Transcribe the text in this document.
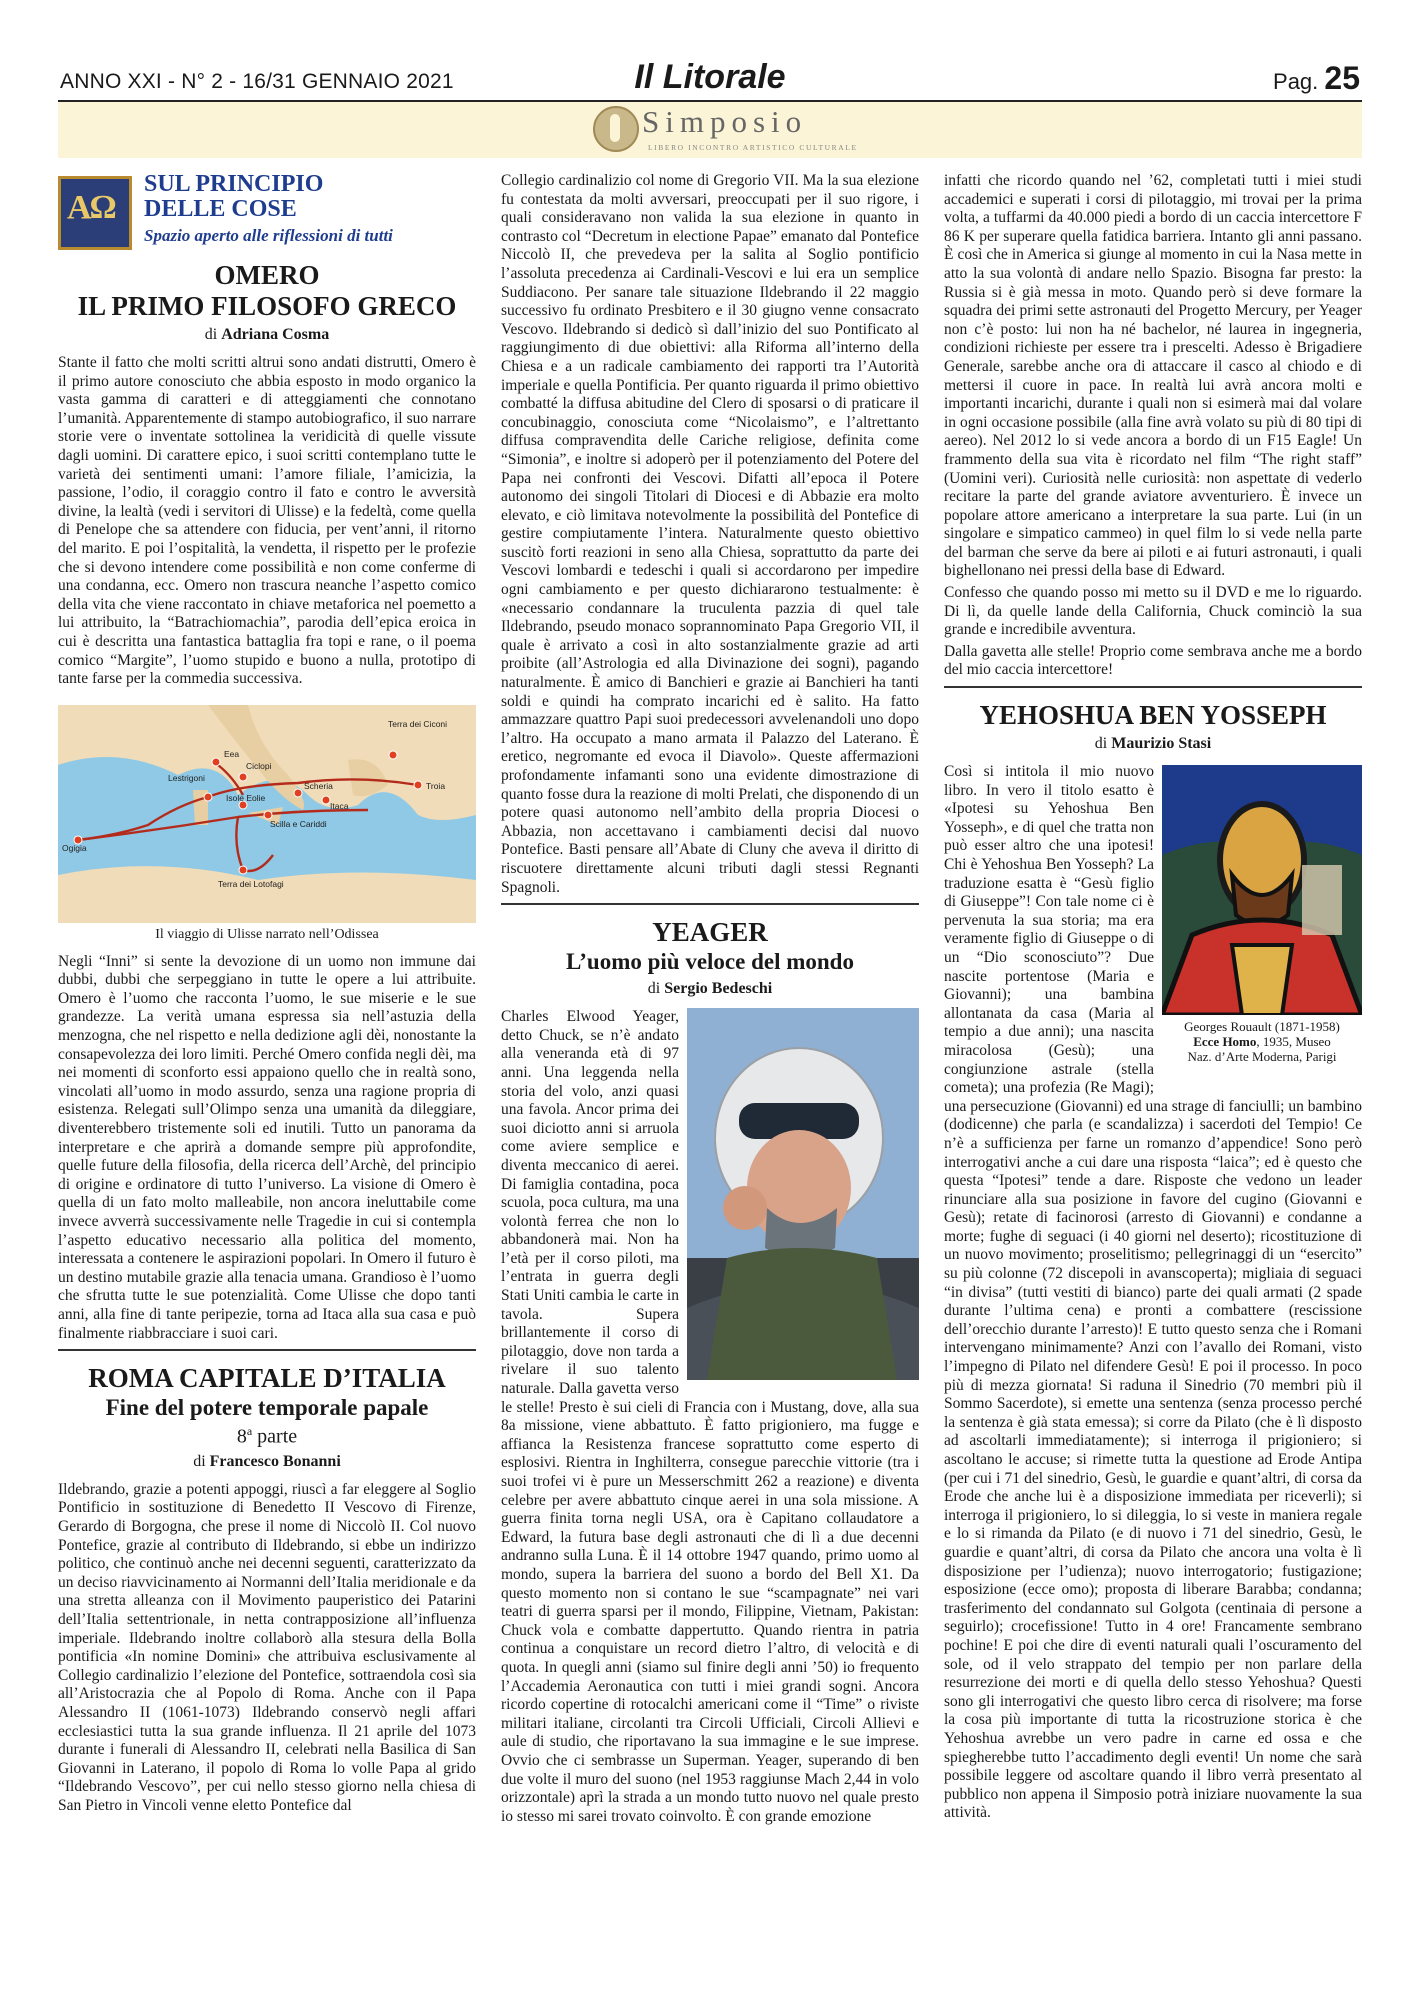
ANNO XXI - N° 2 - 16/31 GENNAIO 2021	Il Litorale	Pag. 25
Simposio
LIBERO INCONTRO ARTISTICO CULTURALE
ΑΩ
SUL PRINCIPIO
DELLE COSE
Spazio aperto alle riflessioni di tutti
OMERO
IL PRIMO FILOSOFO GRECO
di Adriana Cosma

Stante il fatto che molti scritti altrui sono andati distrutti, Omero è il primo autore conosciuto che abbia esposto in modo organico la vasta gamma di caratteri e di atteggiamenti che connotano l’umanità. Apparentemente di stampo autobiografico, il suo narrare storie vere o inventate sottolinea la veridicità di quelle vissute dagli uomini. Di carattere epico, i suoi scritti contemplano tutte le varietà dei sentimenti umani: l’amore filiale, l’amicizia, la passione, l’odio, il coraggio contro il fato e contro le avversità divine, la lealtà (vedi i servitori di Ulisse) e la fedeltà, come quella di Penelope che sa attendere con fiducia, per vent’anni, il ritorno del marito. E poi l’ospitalità, la vendetta, il rispetto per le profezie che si devono intendere come possibilità e non come conferme di una condanna, ecc. Omero non trascura neanche l’aspetto comico della vita che viene raccontato in chiave metaforica nel poemetto a lui attribuito, la “Batrachiomachia”, parodia dell’epica eroica in cui è descritta una fantastica battaglia fra topi e rane, o il poema comico “Margite”, l’uomo stupido e buono a nulla, prototipo di tante farse per la commedia successiva.

Terra dei Ciconi
Eea
Ciclopi
Lestrigoni
Isole Eolie
Scheria
Itaca
Troia
Ogigia
Scilla e Cariddi
Terra dei Lotofagi
Il viaggio di Ulisse narrato nell’Odissea

Negli “Inni” si sente la devozione di un uomo non immune dai dubbi, dubbi che serpeggiano in tutte le opere a lui attribuite. Omero è l’uomo che racconta l’uomo, le sue miserie e le sue grandezze. La verità umana espressa sia nell’astuzia della menzogna, che nel rispetto e nella dedizione agli dèi, nonostante la consapevolezza dei loro limiti. Perché Omero confida negli dèi, ma nei momenti di sconforto essi appaiono quello che in realtà sono, vincolati all’uomo in modo assurdo, senza una ragione propria di esistenza. Relegati sull’Olimpo senza una umanità da dileggiare, diventerebbero tristemente soli ed inutili. Tutto un panorama da interpretare e che aprirà a domande sempre più approfondite, quelle future della filosofia, della ricerca dell’Archè, del principio di origine e ordinatore di tutto l’universo. La visione di Omero è quella di un fato molto malleabile, non ancora ineluttabile come invece avverrà successivamente nelle Tragedie in cui si contempla l’aspetto educativo necessario alla politica del momento, interessata a contenere le aspirazioni popolari. In Omero il futuro è un destino mutabile grazie alla tenacia umana. Grandioso è l’uomo che sfrutta tutte le sue potenzialità. Come Ulisse che dopo tanti anni, alla fine di tante peripezie, torna ad Itaca alla sua casa e può finalmente riabbracciare i suoi cari.

ROMA CAPITALE D’ITALIA
Fine del potere temporale papale
8$^a$ parte
di Francesco Bonanni

Ildebrando, grazie a potenti appoggi, riuscì a far eleggere al Soglio Pontificio in sostituzione di Benedetto II Vescovo di Firenze, Gerardo di Borgogna, che prese il nome di Niccolò II. Col nuovo Pontefice, grazie al contributo di Ildebrando, si ebbe un indirizzo politico, che continuò anche nei decenni seguenti, caratterizzato da un deciso riavvicinamento ai Normanni dell’Italia meridionale e da una stretta alleanza con il Movimento pauperistico dei Patarini dell’Italia settentrionale, in netta contrapposizione all’influenza imperiale. Ildebrando inoltre collaborò alla stesura della Bolla pontificia «In nomine Domini» che attribuiva esclusivamente al Collegio cardinalizio l’elezione del Pontefice, sottraendola così sia all’Aristocrazia che al Popolo di Roma. Anche con il Papa Alessandro II (1061-1073) Ildebrando conservò negli affari ecclesiastici tutta la sua grande influenza. Il 21 aprile del 1073 durante i funerali di Alessandro II, celebrati nella Basilica di San Giovanni in Laterano, il popolo di Roma lo volle Papa al grido “Ildebrando Vescovo”, per cui nello stesso giorno nella chiesa di San Pietro in Vincoli venne eletto Pontefice dal

Collegio cardinalizio col nome di Gregorio VII. Ma la sua elezione fu contestata da molti avversari, preoccupati per il suo rigore, i quali consideravano non valida la sua elezione in quanto in contrasto col “Decretum in electione Papae” emanato dal Pontefice Niccolò II, che prevedeva per la salita al Soglio pontificio l’assoluta precedenza ai Cardinali-Vescovi e lui era un semplice Suddiacono. Per sanare tale situazione Ildebrando il 22 maggio successivo fu ordinato Presbitero e il 30 giugno venne consacrato Vescovo. Ildebrando si dedicò sì dall’inizio del suo Pontificato al raggiungimento di due obiettivi: alla Riforma all’interno della Chiesa e a un radicale cambiamento dei rapporti tra l’Autorità imperiale e quella Pontificia. Per quanto riguarda il primo obiettivo combatté la diffusa abitudine del Clero di sposarsi o di praticare il concubinaggio, conosciuta come “Nicolaismo”, e l’altrettanto diffusa compravendita delle Cariche religiose, definita come “Simonia”, e inoltre si adoperò per il potenziamento del Potere del Papa nei confronti dei Vescovi. Difatti all’epoca il Potere autonomo dei singoli Titolari di Diocesi e di Abbazie era molto elevato, e ciò limitava notevolmente la possibilità del Pontefice di gestire compiutamente l’intera. Naturalmente questo obiettivo suscitò forti reazioni in seno alla Chiesa, soprattutto da parte dei Vescovi lombardi e tedeschi i quali si accordarono per impedire ogni cambiamento e per questo dichiararono testualmente: è «necessario condannare la truculenta pazzia di quel tale Ildebrando, pseudo monaco soprannominato Papa Gregorio VII, il quale è arrivato a così in alto sostanzialmente grazie ad arti proibite (all’Astrologia ed alla Divinazione dei sogni), pagando naturalmente. È amico di Banchieri e grazie ai Banchieri ha tanti soldi e quindi ha comprato incarichi ed è salito. Ha fatto ammazzare quattro Papi suoi predecessori avvelenandoli uno dopo l’altro. Ha occupato a mano armata il Palazzo del Laterano. È eretico, negromante ed evoca il Diavolo». Queste affermazioni profondamente infamanti sono una evidente dimostrazione di quanto fosse dura la reazione di molti Prelati, che disponendo di un potere quasi autonomo nell’ambito della propria Diocesi o Abbazia, non accettavano i cambiamenti decisi dal nuovo Pontefice. Basti pensare all’Abate di Cluny che aveva il diritto di riscuotere direttamente alcuni tributi dagli stessi Regnanti Spagnoli.

YEAGER
L’uomo più veloce del mondo
di Sergio Bedeschi

Charles Elwood Yeager, detto Chuck, se n’è andato alla veneranda età di 97 anni. Una leggenda nella storia del volo, anzi quasi una favola. Ancor prima dei suoi diciotto anni si arruola come aviere semplice e diventa meccanico di aerei. Di famiglia contadina, poca scuola, poca cultura, ma una volontà ferrea che non lo abbandonerà mai. Non ha l’età per il corso piloti, ma l’entrata in guerra degli Stati Uniti cambia le carte in tavola. Supera brillantemente il corso di pilotaggio, dove non tarda a rivelare il suo talento naturale. Dalla gavetta verso le stelle! Presto è sui cieli di Francia con i Mustang, dove, alla sua 8a missione, viene abbattuto. È fatto prigioniero, ma fugge e affianca la Resistenza francese soprattutto come esperto di esplosivi. Rientra in Inghilterra, consegue parecchie vittorie (tra i suoi trofei vi è pure un Messerschmitt 262 a reazione) e diventa celebre per avere abbattuto cinque aerei in una sola missione. A guerra finita torna negli USA, ora è Capitano collaudatore a Edward, la futura base degli astronauti che di lì a due decenni andranno sulla Luna. È il 14 ottobre 1947 quando, primo uomo al mondo, supera la barriera del suono a bordo del Bell X1. Da questo momento non si contano le sue “scampagnate” nei vari teatri di guerra sparsi per il mondo, Filippine, Vietnam, Pakistan: Chuck vola e combatte dappertutto. Quando rientra in patria continua a conquistare un record dietro l’altro, di velocità e di quota. In quegli anni (siamo sul finire degli anni ’50) io frequento l’Accademia Aeronautica con tutti i miei grandi sogni. Ancora ricordo copertine di rotocalchi americani come il “Time” o riviste militari italiane, circolanti tra Circoli Ufficiali, Circoli Allievi e aule di studio, che riportavano la sua immagine e le sue imprese. Ovvio che ci sembrasse un Superman. Yeager, superando di ben due volte il muro del suono (nel 1953 raggiunse Mach 2,44 in volo orizzontale) aprì la strada a un mondo tutto nuovo nel quale presto io stesso mi sarei trovato coinvolto. È con grande emozione

infatti che ricordo quando nel ’62, completati tutti i miei studi accademici e superati i corsi di pilotaggio, mi trovai per la prima volta, a tuffarmi da 40.000 piedi a bordo di un caccia intercettore F 86 K per superare quella fatidica barriera. Intanto gli anni passano. È così che in America si giunge al momento in cui la Nasa mette in atto la sua volontà di andare nello Spazio. Bisogna far presto: la Russia si è già messa in moto. Quando però si deve formare la squadra dei primi sette astronauti del Progetto Mercury, per Yeager non c’è posto: lui non ha né bachelor, né laurea in ingegneria, condizioni richieste per essere tra i prescelti. Adesso è Brigadiere Generale, sarebbe anche ora di attaccare il casco al chiodo e di mettersi il cuore in pace. In realtà lui avrà ancora molti e importanti incarichi, durante i quali non si esimerà mai dal volare in ogni occasione possibile (alla fine avrà volato su più di 80 tipi di aereo). Nel 2012 lo si vede ancora a bordo di un F15 Eagle! Un frammento della sua vita è ricordato nel film “The right staff” (Uomini veri). Curiosità nelle curiosità: non aspettate di vederlo recitare la parte del grande aviatore avventuriero. È invece un popolare attore americano a interpretare la sua parte. Lui (in un singolare e simpatico cammeo) in quel film lo si vede nella parte del barman che serve da bere ai piloti e ai futuri astronauti, i quali bighellonano nei pressi della base di Edward.

Confesso che quando posso mi metto su il DVD e me lo riguardo. Di lì, da quelle lande della California, Chuck cominciò la sua grande e incredibile avventura.

Dalla gavetta alle stelle! Proprio come sembrava anche me a bordo del mio caccia intercettore!

YEHOSHUA BEN YOSSEPH
di Maurizio Stasi
Georges Rouault (1871-1958)
Ecce Homo, 1935, Museo
Naz. d’Arte Moderna, Parigi

Così si intitola il mio nuovo libro. In vero il titolo esatto è «Ipotesi su Yehoshua Ben Yosseph», e di quel che tratta non può esser altro che una ipotesi! Chi è Yehoshua Ben Yosseph? La traduzione esatta è “Gesù figlio di Giuseppe”! Con tale nome ci è pervenuta la sua storia; ma era veramente figlio di Giuseppe o di un “Dio sconosciuto”? Due nascite portentose (Maria e Giovanni); una bambina allontanata da casa (Maria al tempio a due anni); una nascita miracolosa (Gesù); una congiunzione astrale (stella cometa); una profezia (Re Magi); una persecuzione (Giovanni) ed una strage di fanciulli; un bambino (dodicenne) che parla (e scandalizza) i sacerdoti del Tempio! Ce n’è a sufficienza per farne un romanzo d’appendice! Sono però interrogativi anche a cui dare una risposta “laica”; ed è questo che questa “Ipotesi” tende a dare. Risposte che vedono un leader rinunciare alla sua posizione in favore del cugino (Giovanni e Gesù); retate di facinorosi (arresto di Giovanni) e condanne a morte; fughe di seguaci (i 40 giorni nel deserto); ricostituzione di un nuovo movimento; proselitismo; pellegrinaggi di un “esercito” su più colonne (72 discepoli in avanscoperta); migliaia di seguaci “in divisa” (tutti vestiti di bianco) parte dei quali armati (2 spade durante l’ultima cena) e pronti a combattere (rescissione dell’orecchio durante l’arresto)! E tutto questo senza che i Romani intervengano minimamente? Anzi con l’avallo dei Romani, visto l’impegno di Pilato nel difendere Gesù! E poi il processo. In poco più di mezza giornata! Si raduna il Sinedrio (70 membri più il Sommo Sacerdote), si emette una sentenza (senza processo perché la sentenza è già stata emessa); si corre da Pilato (che è lì disposto ad ascoltarli immediatamente); si interroga il prigioniero; si ascoltano le accuse; si rimette tutta la questione ad Erode Antipa (per cui i 71 del sinedrio, Gesù, le guardie e quant’altri, di corsa da Erode che anche lui è a disposizione immediata per riceverli); si interroga il prigioniero, lo si dileggia, lo si veste in maniera regale e lo si rimanda da Pilato (e di nuovo i 71 del sinedrio, Gesù, le guardie e quant’altri, di corsa da Pilato che ancora una volta è lì disposizione per l’udienza); nuovo interrogatorio; fustigazione; esposizione (ecce omo); proposta di liberare Barabba; condanna; trasferimento del condannato sul Golgota (centinaia di persone a seguirlo); crocefissione! Tutto in 4 ore! Francamente sembrano pochine! E poi che dire di eventi naturali quali l’oscuramento del sole, od il velo strappato del tempio per non parlare della resurrezione dei morti e di quella dello stesso Yehoshua? Questi sono gli interrogativi che questo libro cerca di risolvere; ma forse la cosa più importante di tutta la ricostruzione storica è che Yehoshua avrebbe un vero padre in carne ed ossa e che spiegherebbe tutto l’accadimento degli eventi! Un nome che sarà possibile leggere od ascoltare quando il libro verrà presentato al pubblico non appena il Simposio potrà iniziare nuovamente la sua attività.
